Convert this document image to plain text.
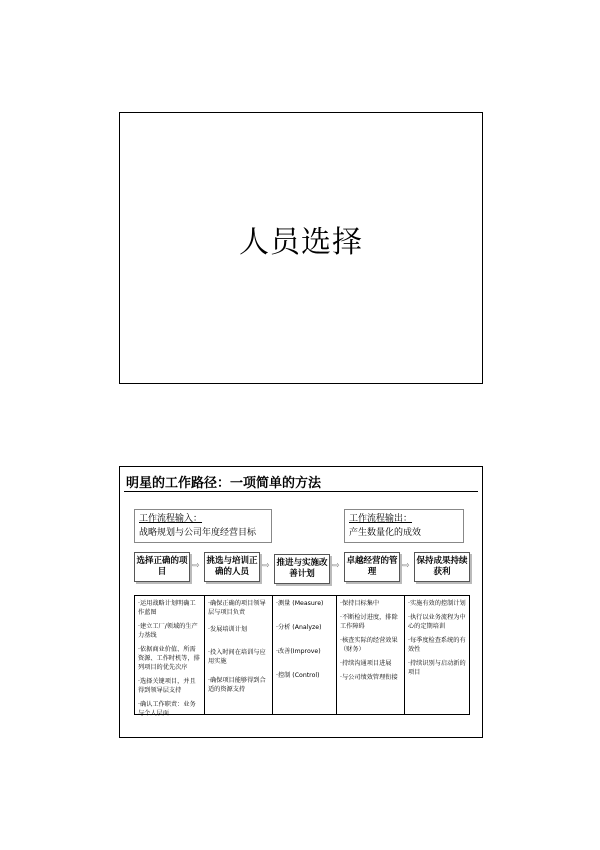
人员选择
明星的工作路径：一项简单的方法
工作流程输入：
战略规划与公司年度经营目标
工作流程输出：
产生数量化的成效
选择正确的项目
⇨ 挑选与培训正确的人员
⇨ 推进与实施改善计划
⇨ 卓越经营的管理
⇨ 保持成果持续获利
·运用战略计划明确工作蓝图
·建立工厂/领域的生产力基线
·依据商业价值、所需资源、工作时机等，排列项目的优先次序
·选择关键项目，并且得到领导层支持
·确认工作职责：业务与个人层面
·确保正确的项目领导层与项目负责
·发展培训计划
·投入时间在培训与应用实施
·确保项目能够得到合适的资源支持
·测量 (Measure)
·分析 (Analyze)
·改善(Improve)
·控制 (Control)
·保持目标集中
·不断检讨进度，排除工作障碍
·核查实际的经营效果（财务）
·持续沟通项目进展
·与公司绩效管理衔接
·实施有效的控制计划
·执行以业务流程为中心的定期培训
·每季度检查系统的有效性
·持续识别与启动新的项目
